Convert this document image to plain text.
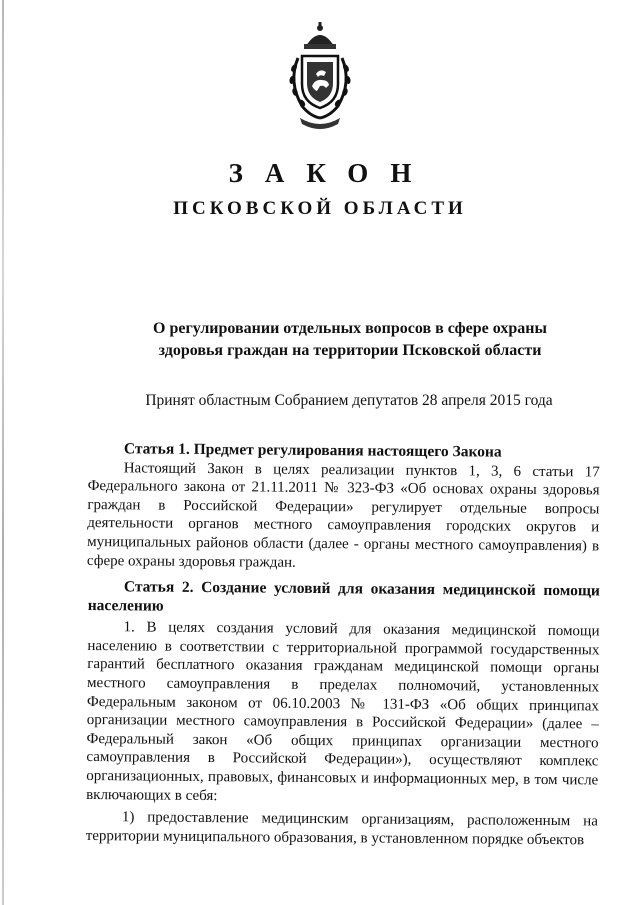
ЗАКОН
ПСКОВСКОЙ ОБЛАСТИ
О регулировании отдельных вопросов в сфере охраны здоровья граждан на территории Псковской области
Принят областным Собранием депутатов 28 апреля 2015 года
Статья 1. Предмет регулирования настоящего Закона

Настоящий Закон в целях реализации пунктов 1, 3, 6 статьи 17 Федерального закона от 21.11.2011 № 323-ФЗ «Об основах охраны здоровья граждан в Российской Федерации» регулирует отдельные вопросы деятельности органов местного самоуправления городских округов и муниципальных районов области (далее - органы местного самоуправления) в сфере охраны здоровья граждан.

Статья 2. Создание условий для оказания медицинской помощи населению

1. В целях создания условий для оказания медицинской помощи населению в соответствии с территориальной программой государственных гарантий бесплатного оказания гражданам медицинской помощи органы местного самоуправления в пределах полномочий, установленных Федеральным законом от 06.10.2003 № 131-ФЗ «Об общих принципах организации местного самоуправления в Российской Федерации» (далее – Федеральный закон «Об общих принципах организации местного самоуправления в Российской Федерации»), осуществляют комплекс организационных, правовых, финансовых и информационных мер, в том числе включающих в себя:

1) предоставление медицинским организациям, расположенным на территории муниципального образования, в установленном порядке объектов
